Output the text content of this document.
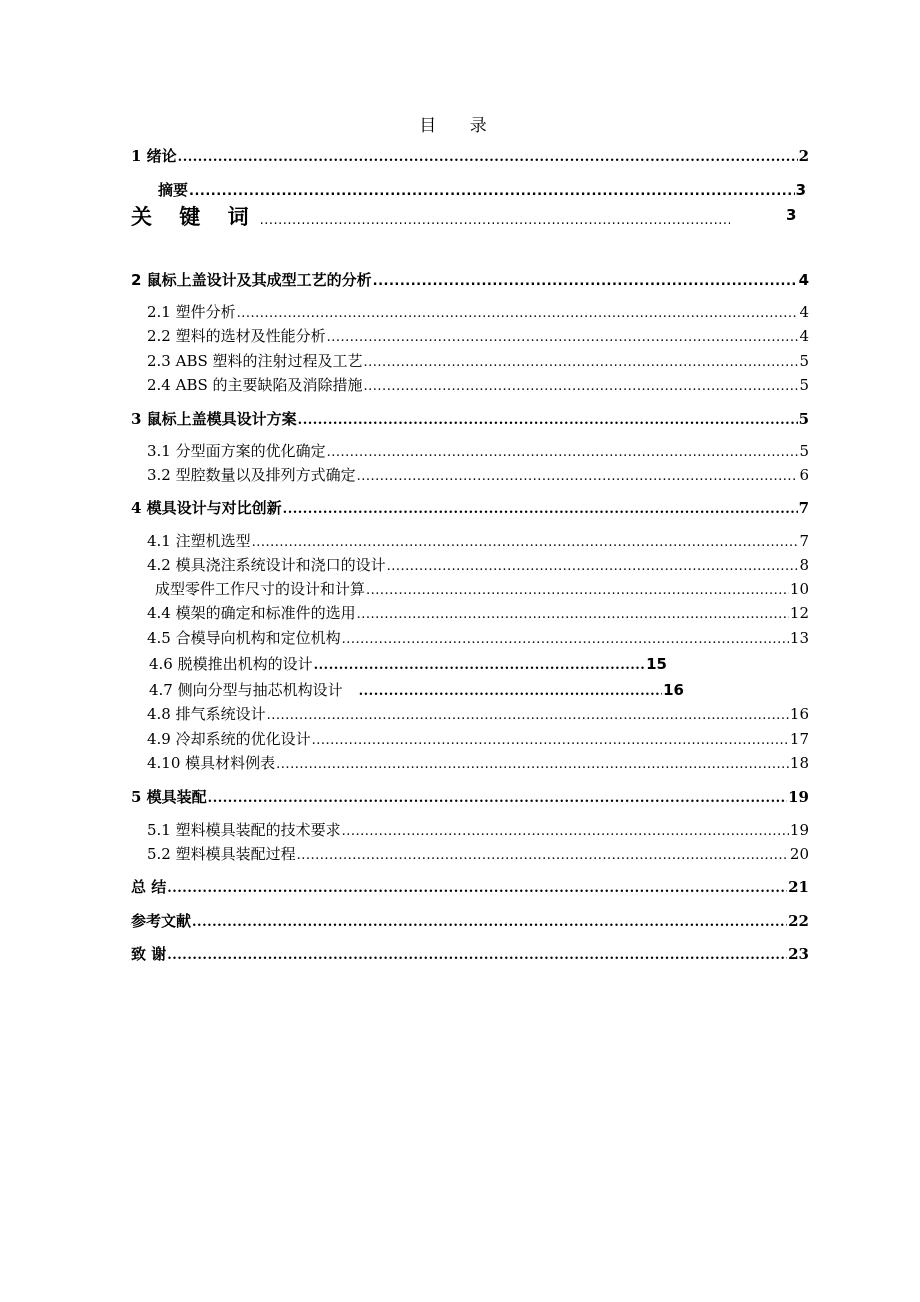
目 录
1 绪论 .....	2
摘要 .....	3
关 键 词 .....	3
2 鼠标上盖设计及其成型工艺的分析 .....	4
2.1 塑件分析 .....	4
2.2 塑料的选材及性能分析 .....	4
2.3 ABS 塑料的注射过程及工艺 .....	5
2.4 ABS 的主要缺陷及消除措施 .....	5
3 鼠标上盖模具设计方案 .....	5
3.1 分型面方案的优化确定 .....	5
3.2 型腔数量以及排列方式确定 .....	6
4 模具设计与对比创新 .....	7
4.1 注塑机选型 .....	7
4.2 模具浇注系统设计和浇口的设计 .....	8
成型零件工作尺寸的设计和计算 .....	10
4.4 模架的确定和标准件的选用 .....	12
4.5 合模导向机构和定位机构 .....	13
4.6 脱模推出机构的设计 .....	15
4.7 侧向分型与抽芯机构设计 .....	16
4.8 排气系统设计 .....	16
4.9 冷却系统的优化设计 .....	17
4.10 模具材料例表 .....	18
5 模具装配 .....	19
5.1 塑料模具装配的技术要求 .....	19
5.2 塑料模具装配过程 .....	20
总 结 .....	21
参考文献 .....	22
致 谢 .....	23
